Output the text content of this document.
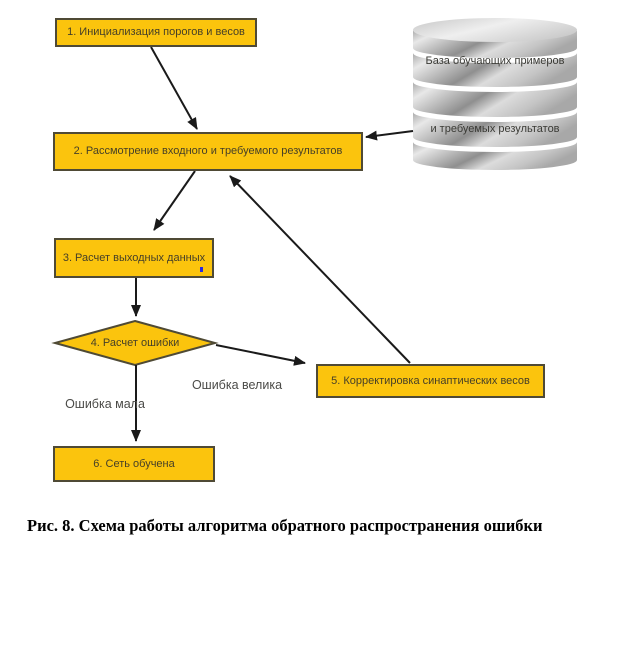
1. Инициализация порогов и весов
2. Рассмотрение входного и требуемого результатов
3. Расчет выходных данных
4. Расчет ошибки
5. Корректировка синаптических весов
6. Сеть обучена
База обучающих примеров
и требуемых результатов
Ошибка велика
Ошибка мала
Рис. 8. Схема работы алгоритма обратного распространения ошибки
